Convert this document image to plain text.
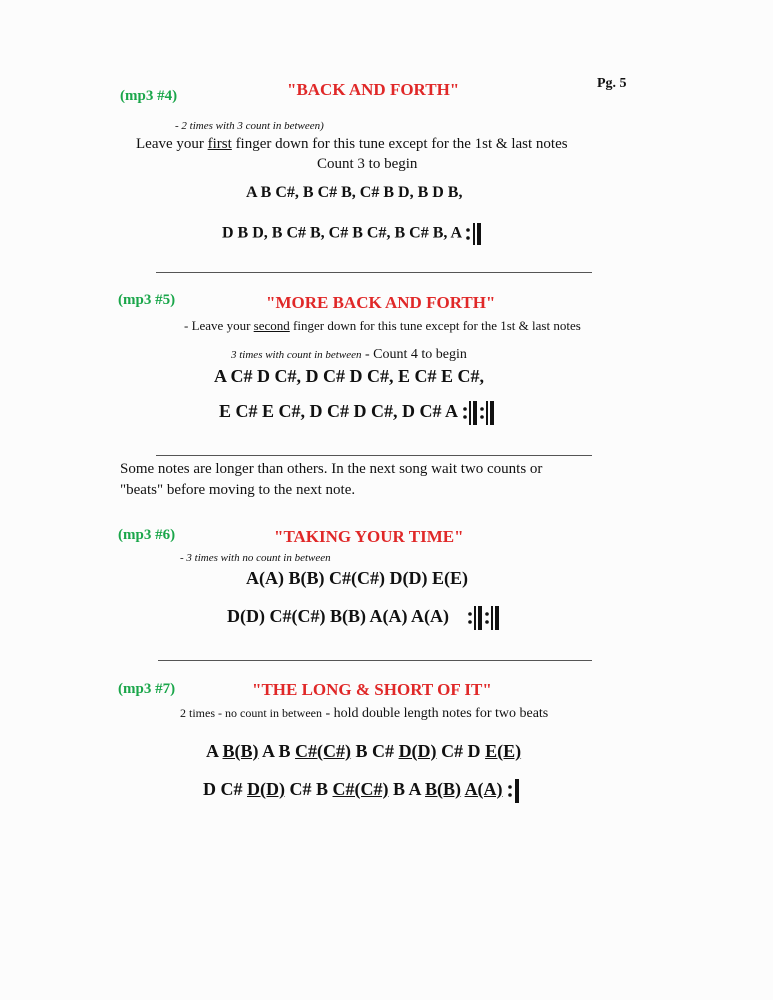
Pg. 5
(mp3 #4)	"BACK AND FORTH"
- 2 times with 3 count in between)
Leave your first finger down for this tune except for the 1st & last notes
Count 3 to begin
A B C#, B C# B, C# B D, B D B,
D B D, B C# B, C# B C#, B C# B, A
(mp3 #5)	"MORE BACK AND FORTH"
- Leave your second finger down for this tune except for the 1st & last notes
3 times with count in between - Count 4 to begin
A C# D C#, D C# D C#, E C# E C#,
E C# E C#, D C# D C#, D C# A
Some notes are longer than others. In the next song wait two counts or
"beats" before moving to the next note.
(mp3 #6)	"TAKING YOUR TIME"
- 3 times with no count in between
A(A) B(B) C#(C#) D(D) E(E)
D(D) C#(C#) B(B) A(A) A(A)
(mp3 #7)	"THE LONG & SHORT OF IT"
2 times - no count in between - hold double length notes for two beats
A B(B) A B C#(C#) B C# D(D) C# D E(E)
D C# D(D) C# B C#(C#) B A B(B) A(A)
